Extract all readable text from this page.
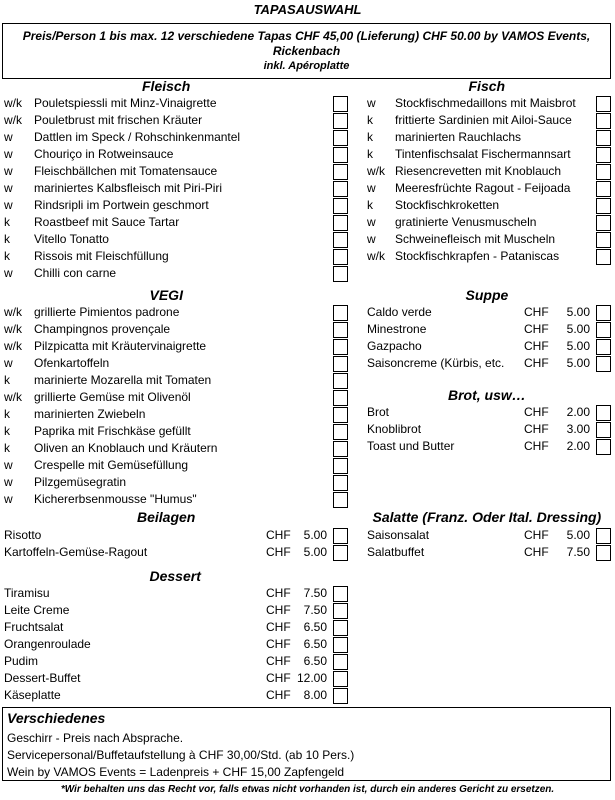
TAPASAUSWAHL
Preis/Person 1 bis max. 12 verschiedene Tapas CHF 45,00 (Lieferung) CHF 50.00 by VAMOS Events,
Rickenbach
inkl. Apéroplatte
Fleisch
w/k Pouletspiessli mit Minz-Vinaigrette
w/k Pouletbrust mit frischen Kräuter
w Dattlen im Speck / Rohschinkenmantel
w Chouriço in Rotweinsauce
w Fleischbällchen mit Tomatensauce
w mariniertes Kalbsfleisch mit Piri-Piri
w Rindsripli im Portwein geschmort
k Roastbeef mit Sauce Tartar
k Vitello Tonatto
k Rissois mit Fleischfüllung
w Chilli con carne
Fisch
w Stockfischmedaillons mit Maisbrot
k frittierte Sardinien mit Ailoi-Sauce
k marinierten Rauchlachs
k Tintenfischsalat Fischermannsart
w/k Riesencrevetten mit Knoblauch
w Meeresfrüchte Ragout - Feijoada
k Stockfischkroketten
w gratinierte Venusmuscheln
w Schweinefleisch mit Muscheln
w/k Stockfischkrapfen - Pataniscas
VEGI
w/k grillierte Pimientos padrone
w/k Champingnos provençale
w/k Pilzpicatta mit Kräutervinaigrette
w Ofenkartoffeln
k marinierte Mozarella mit Tomaten
w/k grillierte Gemüse mit Olivenöl
k marinierten Zwiebeln
k Paprika mit Frischkäse gefüllt
k Oliven an Knoblauch und Kräutern
w Crespelle mit Gemüsefüllung
w Pilzgemüsegratin
w Kichererbsenmousse "Humus"
Suppe
Caldo verde	CHF	5.00
Minestrone	CHF	5.00
Gazpacho	CHF	5.00
Saisoncreme (Kürbis, etc. CHF	5.00
Brot, usw…
Brot	CHF	2.00
Knoblibrot	CHF	3.00
Toast und Butter	CHF	2.00
Beilagen
Risotto	CHF	5.00
Kartoffeln-Gemüse-Ragout	CHF	5.00
Salatte (Franz. Oder Ital. Dressing)
Saisonsalat	CHF	5.00
Salatbuffet	CHF	7.50
Dessert
Tiramisu	CHF	7.50
Leite Creme	CHF	7.50
Fruchtsalat	CHF	6.50
Orangenroulade	CHF	6.50
Pudim	CHF	6.50
Dessert-Buffet	CHF 12.00
Käseplatte	CHF	8.00
Verschiedenes
Geschirr - Preis nach Absprache.
Servicepersonal/Buffetaufstellung à CHF 30,00/Std. (ab 10 Pers.)
Wein by VAMOS Events = Ladenpreis + CHF 15,00 Zapfengeld
*Wir behalten uns das Recht vor, falls etwas nicht vorhanden ist, durch ein anderes Gericht zu ersetzen.
